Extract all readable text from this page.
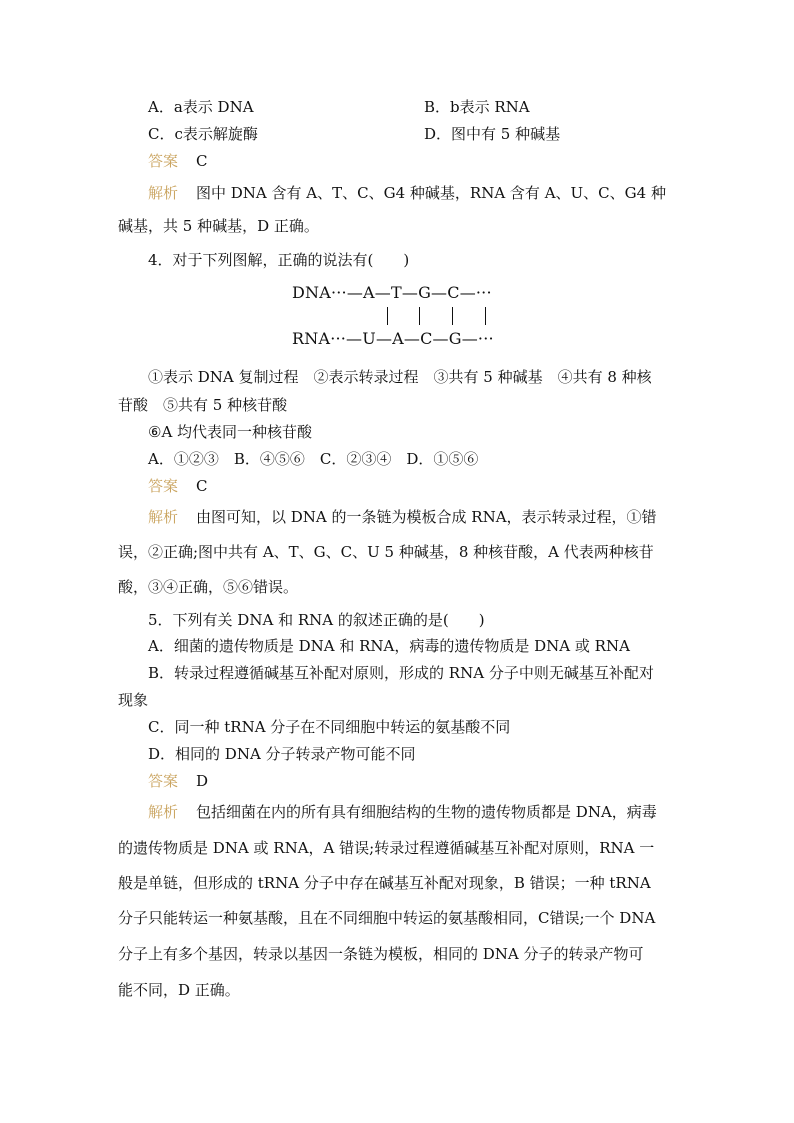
A．a表示 DNA	B．b表示 RNA
C．c表示解旋酶	D．图中有 5 种碱基
答案 C
解析 图中 DNA 含有 A、T、C、G4 种碱基，RNA 含有 A、U、C、G4 种
碱基，共 5 种碱基，D 正确。
4．对于下列图解，正确的说法有(　　)
DNA···—A—T—G—C—···
RNA···—U—A—C—G—···
①表示 DNA 复制过程　②表示转录过程　③共有 5 种碱基　④共有 8 种核
苷酸　⑤共有 5 种核苷酸
⑥A 均代表同一种核苷酸
A．①②③　B．④⑤⑥　C．②③④　D．①⑤⑥
答案 C
解析 由图可知，以 DNA 的一条链为模板合成 RNA，表示转录过程，①错
误，②正确;图中共有 A、T、G、C、U 5 种碱基，8 种核苷酸，A 代表两种核苷
酸，③④正确，⑤⑥错误。
5．下列有关 DNA 和 RNA 的叙述正确的是(　　)
A．细菌的遗传物质是 DNA 和 RNA，病毒的遗传物质是 DNA 或 RNA
B．转录过程遵循碱基互补配对原则，形成的 RNA 分子中则无碱基互补配对
现象
C．同一种 tRNA 分子在不同细胞中转运的氨基酸不同
D．相同的 DNA 分子转录产物可能不同
答案 D
解析 包括细菌在内的所有具有细胞结构的生物的遗传物质都是 DNA，病毒
的遗传物质是 DNA 或 RNA，A 错误;转录过程遵循碱基互补配对原则，RNA 一
般是单链，但形成的 tRNA 分子中存在碱基互补配对现象，B 错误；一种 tRNA
分子只能转运一种氨基酸，且在不同细胞中转运的氨基酸相同，C错误;一个 DNA
分子上有多个基因，转录以基因一条链为模板，相同的 DNA 分子的转录产物可
能不同，D 正确。
